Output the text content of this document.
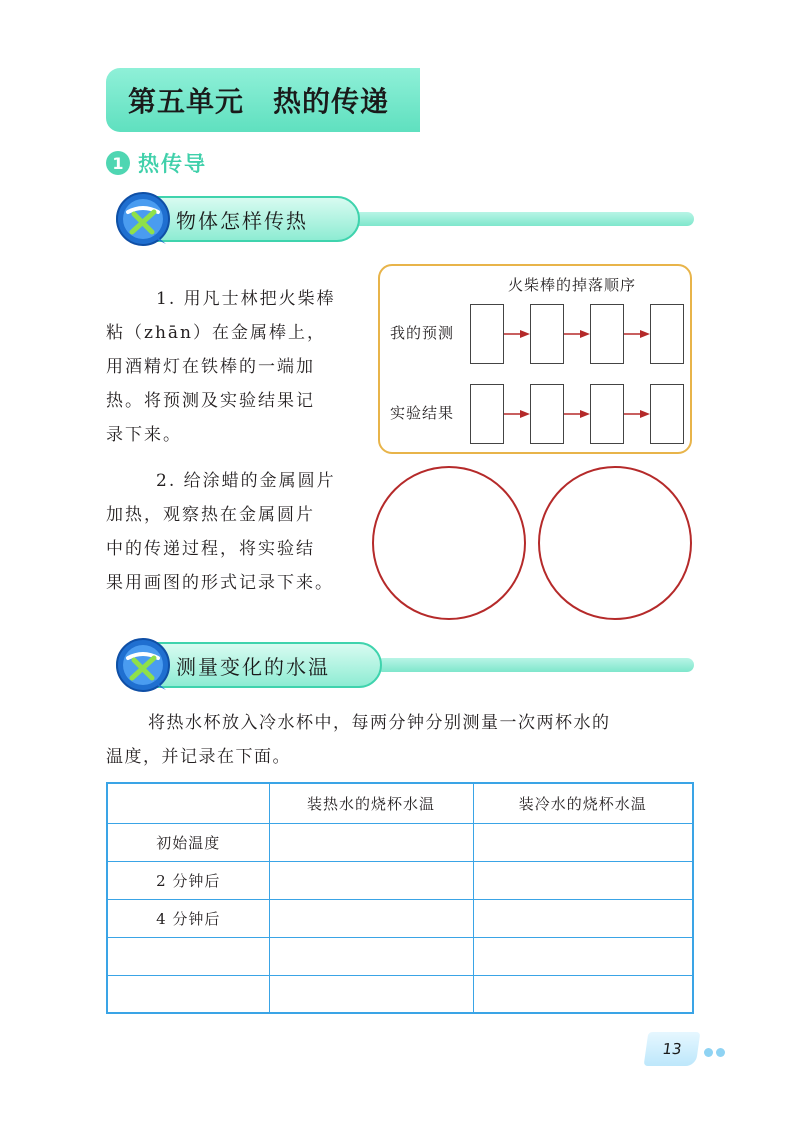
第五单元　热的传递
1 热传导
物体怎样传热
1. 用凡士林把火柴棒
粘（zhān）在金属棒上，
用酒精灯在铁棒的一端加
热。将预测及实验结果记
录下来。
2. 给涂蜡的金属圆片
加热，观察热在金属圆片
中的传递过程，将实验结
果用画图的形式记录下来。
火柴棒的掉落顺序
我的预测
实验结果
测量变化的水温
将热水杯放入冷水杯中，每两分钟分别测量一次两杯水的
温度，并记录在下面。
	装热水的烧杯水温	装冷水的烧杯水温
初始温度		
2 分钟后		
4 分钟后		

13
